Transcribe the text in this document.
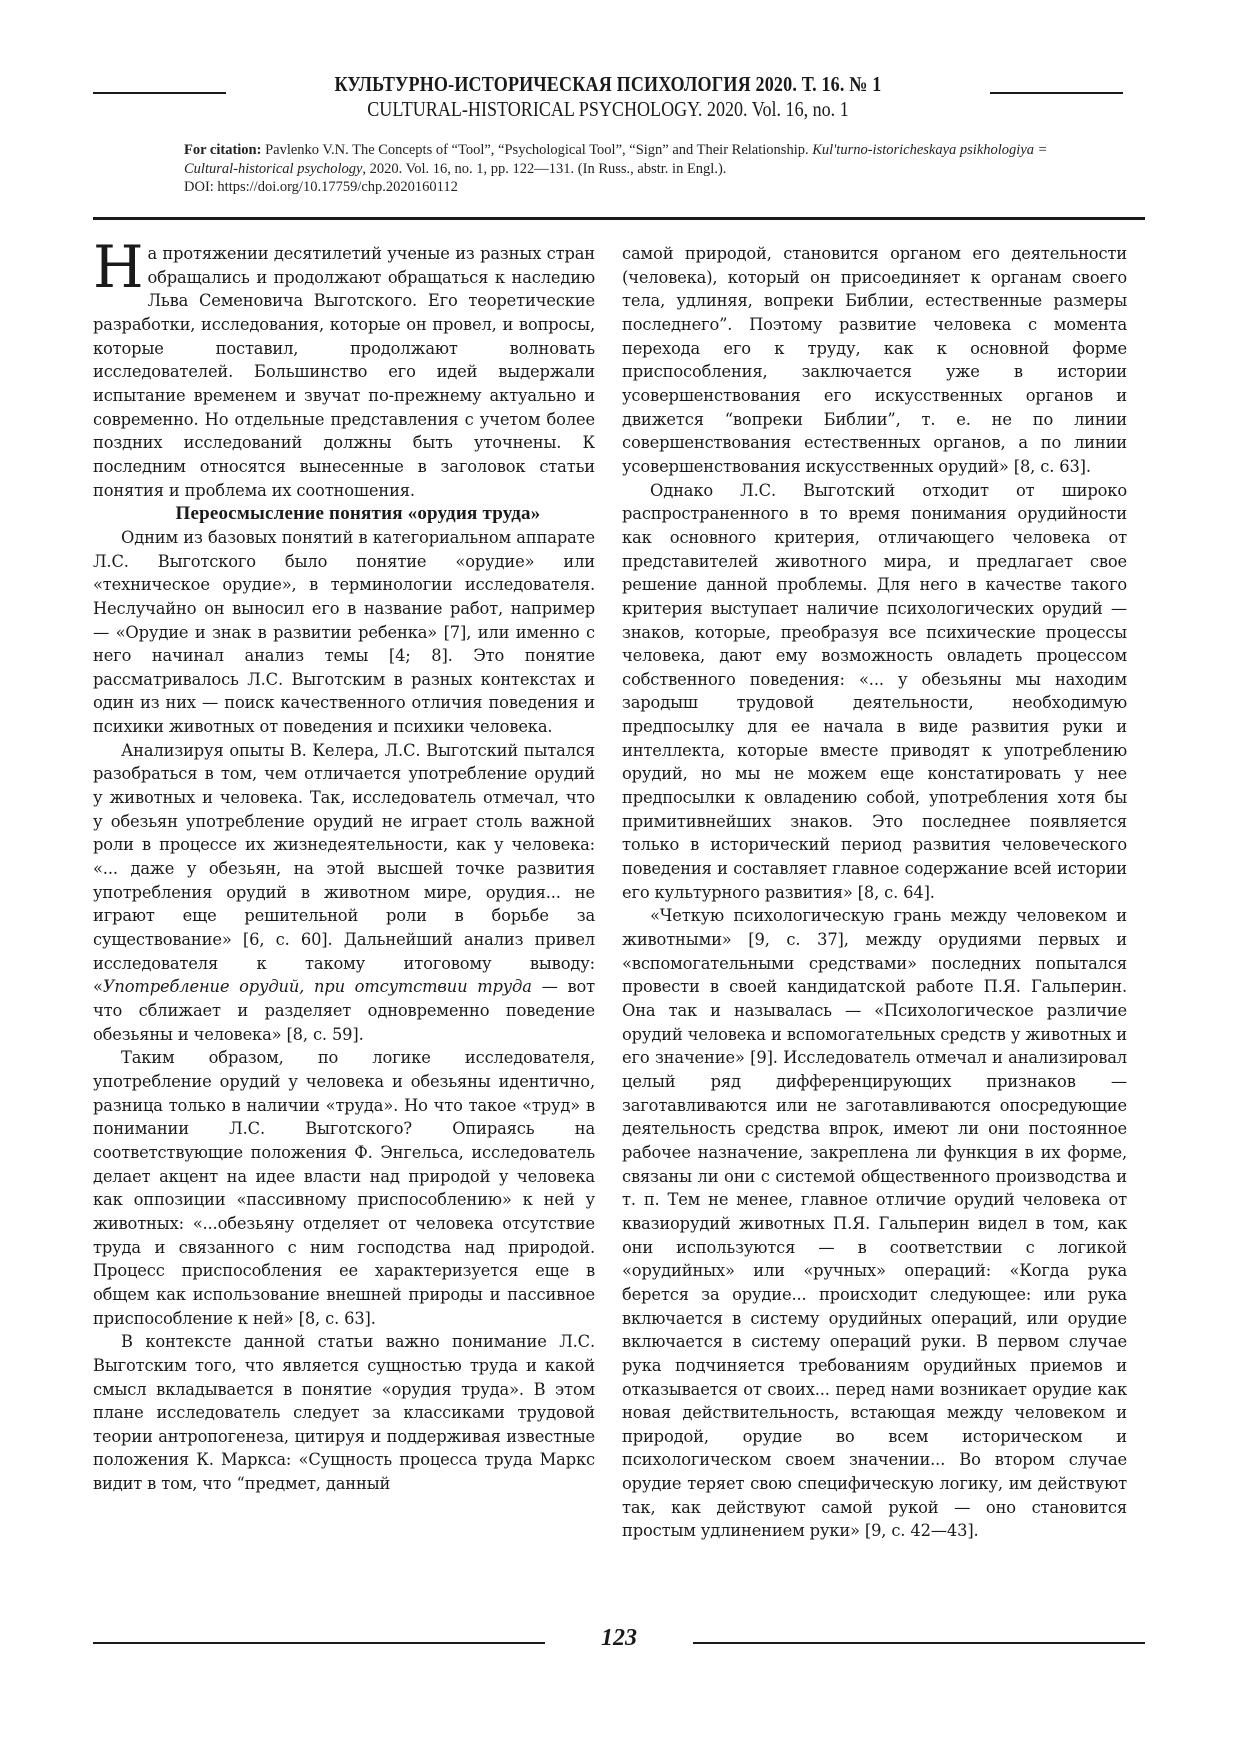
КУЛЬТУРНО-ИСТОРИЧЕСКАЯ ПСИХОЛОГИЯ 2020. Т. 16. № 1
CULTURAL-HISTORICAL PSYCHOLOGY. 2020. Vol. 16, no. 1
For citation: Pavlenko V.N. The Concepts of “Tool”, “Psychological Tool”, “Sign” and Their Relationship. Kul'turno-istoricheskaya psikhologiya = Cultural-historical psychology, 2020. Vol. 16, no. 1, pp. 122—131. (In Russ., abstr. in Engl.).
DOI: https://doi.org/10.17759/chp.2020160112

На протяжении десятилетий ученые из разных стран обращались и продолжают обращаться к наследию Льва Семеновича Выготского. Его теоретические разработки, исследования, которые он провел, и вопросы, которые поставил, продолжают волновать исследователей. Большинство его идей выдержали испытание временем и звучат по-прежнему актуально и современно. Но отдельные представления с учетом более поздних исследований должны быть уточнены. К последним относятся вынесенные в заголовок статьи понятия и проблема их соотношения.

Переосмысление понятия «орудия труда»

Одним из базовых понятий в категориальном аппарате Л.С. Выготского было понятие «орудие» или «техническое орудие», в терминологии исследователя. Неслучайно он выносил его в название работ, например — «Орудие и знак в развитии ребенка» [7], или именно с него начинал анализ темы [4; 8]. Это понятие рассматривалось Л.С. Выготским в разных контекстах и один из них — поиск качественного отличия поведения и психики животных от поведения и психики человека.

Анализируя опыты В. Келера, Л.С. Выготский пытался разобраться в том, чем отличается употребление орудий у животных и человека. Так, исследователь отмечал, что у обезьян употребление орудий не играет столь важной роли в процессе их жизнедеятельности, как у человека: «... даже у обезьян, на этой высшей точке развития употребления орудий в животном мире, орудия... не играют еще решительной роли в борьбе за существование» [6, с. 60]. Дальнейший анализ привел исследователя к такому итоговому выводу: «Употребление орудий, при отсутствии труда — вот что сближает и разделяет одновременно поведение обезьяны и человека» [8, с. 59].

Таким образом, по логике исследователя, употребление орудий у человека и обезьяны идентично, разница только в наличии «труда». Но что такое «труд» в понимании Л.С. Выготского? Опираясь на соответствующие положения Ф. Энгельса, исследователь делает акцент на идее власти над природой у человека как оппозиции «пассивному приспособлению» к ней у животных: «...обезьяну отделяет от человека отсутствие труда и связанного с ним господства над природой. Процесс приспособления ее характеризуется еще в общем как использование внешней природы и пассивное приспособление к ней» [8, с. 63].

В контексте данной статьи важно понимание Л.С. Выготским того, что является сущностью труда и какой смысл вкладывается в понятие «орудия труда». В этом плане исследователь следует за классиками трудовой теории антропогенеза, цитируя и поддерживая известные положения К. Маркса: «Сущность процесса труда Маркс видит в том, что “предмет, данный

самой природой, становится органом его деятельности (человека), который он присоединяет к органам своего тела, удлиняя, вопреки Библии, естественные размеры последнего”. Поэтому развитие человека с момента перехода его к труду, как к основной форме приспособления, заключается уже в истории усовершенствования его искусственных органов и движется “вопреки Библии”, т. е. не по линии совершенствования естественных органов, а по линии усовершенствования искусственных орудий» [8, с. 63].

Однако Л.С. Выготский отходит от широко распространенного в то время понимания орудийности как основного критерия, отличающего человека от представителей животного мира, и предлагает свое решение данной проблемы. Для него в качестве такого критерия выступает наличие психологических орудий — знаков, которые, преобразуя все психические процессы человека, дают ему возможность овладеть процессом собственного поведения: «... у обезьяны мы находим зародыш трудовой деятельности, необходимую предпосылку для ее начала в виде развития руки и интеллекта, которые вместе приводят к употреблению орудий, но мы не можем еще констатировать у нее предпосылки к овладению собой, употребления хотя бы примитивнейших знаков. Это последнее появляется только в исторический период развития человеческого поведения и составляет главное содержание всей истории его культурного развития» [8, с. 64].

«Четкую психологическую грань между человеком и животными» [9, с. 37], между орудиями первых и «вспомогательными средствами» последних попытался провести в своей кандидатской работе П.Я. Гальперин. Она так и называлась — «Психологическое различие орудий человека и вспомогательных средств у животных и его значение» [9]. Исследователь отмечал и анализировал целый ряд дифференцирующих признаков — заготавливаются или не заготавливаются опосредующие деятельность средства впрок, имеют ли они постоянное рабочее назначение, закреплена ли функция в их форме, связаны ли они с системой общественного производства и т. п. Тем не менее, главное отличие орудий человека от квазиорудий животных П.Я. Гальперин видел в том, как они используются — в соответствии с логикой «орудийных» или «ручных» операций: «Когда рука берется за орудие... происходит следующее: или рука включается в систему орудийных операций, или орудие включается в систему операций руки. В первом случае рука подчиняется требованиям орудийных приемов и отказывается от своих... перед нами возникает орудие как новая действительность, встающая между человеком и природой, орудие во всем историческом и психологическом своем значении... Во втором случае орудие теряет свою специфическую логику, им действуют так, как действуют самой рукой — оно становится простым удлинением руки» [9, с. 42—43].

123
